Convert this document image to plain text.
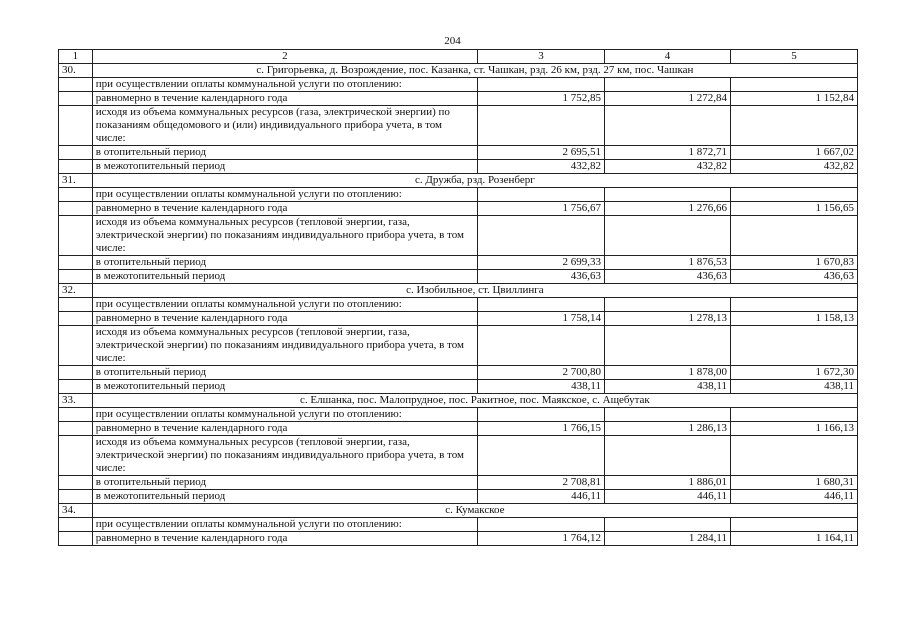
204
1	2	3	4	5
30.	с. Григорьевка, д. Возрождение, пос. Казанка, ст. Чашкан, рзд. 26 км, рзд. 27 км, пос. Чашкан			
	при осуществлении оплаты коммунальной услуги по отоплению:			
	равномерно в течение календарного года	1 752,85	1 272,84	1 152,84
	исходя из объема коммунальных ресурсов (газа, электрической энергии) по показаниям общедомового и (или) индивидуального прибора учета, в том числе:			
	в отопительный период	2 695,51	1 872,71	1 667,02
	в межотопительный период	432,82	432,82	432,82
31.	с. Дружба, рзд. Розенберг			
	при осуществлении оплаты коммунальной услуги по отоплению:			
	равномерно в течение календарного года	1 756,67	1 276,66	1 156,65
	исходя из объема коммунальных ресурсов (тепловой энергии, газа, электрической энергии) по показаниям индивидуального прибора учета, в том числе:			
	в отопительный период	2 699,33	1 876,53	1 670,83
	в межотопительный период	436,63	436,63	436,63
32.	с. Изобильное, ст. Цвиллинга			
	при осуществлении оплаты коммунальной услуги по отоплению:			
	равномерно в течение календарного года	1 758,14	1 278,13	1 158,13
	исходя из объема коммунальных ресурсов (тепловой энергии, газа, электрической энергии) по показаниям индивидуального прибора учета, в том числе:			
	в отопительный период	2 700,80	1 878,00	1 672,30
	в межотопительный период	438,11	438,11	438,11
33.	с. Елшанка, пос. Малопрудное, пос. Ракитное, пос. Маякское, с. Ащебутак			
	при осуществлении оплаты коммунальной услуги по отоплению:			
	равномерно в течение календарного года	1 766,15	1 286,13	1 166,13
	исходя из объема коммунальных ресурсов (тепловой энергии, газа, электрической энергии) по показаниям индивидуального прибора учета, в том числе:			
	в отопительный период	2 708,81	1 886,01	1 680,31
	в межотопительный период	446,11	446,11	446,11
34.	с. Кумакское			
	при осуществлении оплаты коммунальной услуги по отоплению:			
	равномерно в течение календарного года	1 764,12	1 284,11	1 164,11
